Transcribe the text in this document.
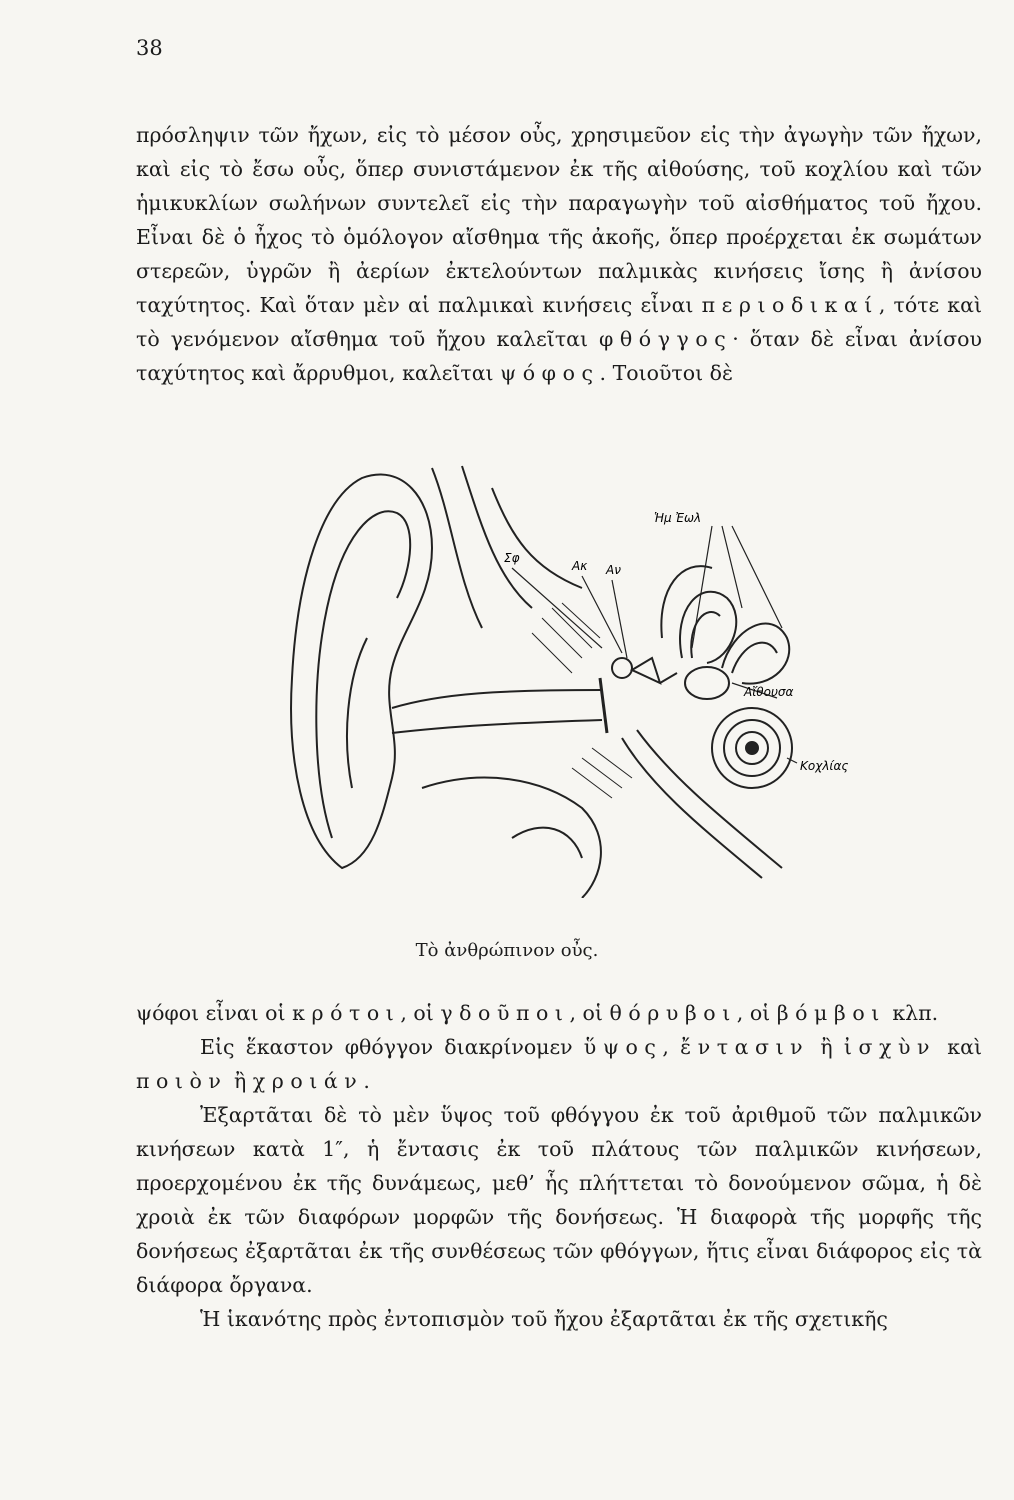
38

πρόσληψιν τῶν ἤχων, εἰς τὸ μέσον οὖς, χρησιμεῦον εἰς τὴν ἀγωγὴν τῶν ἤχων, καὶ εἰς τὸ ἔσω οὖς, ὅπερ συνιστάμενον ἐκ τῆς αἰθούσης, τοῦ κοχλίου καὶ τῶν ἡμικυκλίων σωλήνων συντελεῖ εἰς τὴν παραγωγὴν τοῦ αἰσθήματος τοῦ ἤχου. Εἶναι δὲ ὁ ἦχος τὸ ὁμόλογον αἴσθημα τῆς ἀκοῆς, ὅπερ προέρχεται ἐκ σωμάτων στερεῶν, ὑγρῶν ἢ ἀερίων ἐκτελούντων παλμικὰς κινήσεις ἴσης ἢ ἀνίσου ταχύτητος. Καὶ ὅταν μὲν αἱ παλμικαὶ κινήσεις εἶναι περιοδικαί, τότε καὶ τὸ γενόμενον αἴσθημα τοῦ ἤχου καλεῖται φθόγγος· ὅταν δὲ εἶναι ἀνίσου ταχύτητος καὶ ἄρρυθμοι, καλεῖται ψόφος. Τοιοῦτοι δὲ

Ἡμ Ἐωλ
Σφ
Ακ Αν
Αἴθουσα
Κοχλίας
Τὸ ἀνθρώπινον οὖς.

ψόφοι εἶναι οἱ κρότοι, οἱ γδοῦποι, οἱ θόρυβοι, οἱ βόμβοι κλπ.

Εἰς ἕκαστον φθόγγον διακρίνομεν ὕψος, ἔντασιν ἢ ἰσχὺν καὶ ποιὸν ἢ χροιάν.

Ἐξαρτᾶται δὲ τὸ μὲν ὕψος τοῦ φθόγγου ἐκ τοῦ ἀριθμοῦ τῶν παλμικῶν κινήσεων κατὰ 1″, ἡ ἔντασις ἐκ τοῦ πλάτους τῶν παλμικῶν κινήσεων, προερχομένου ἐκ τῆς δυνάμεως, μεθ’ ἧς πλήττεται τὸ δονούμενον σῶμα, ἡ δὲ χροιὰ ἐκ τῶν διαφόρων μορφῶν τῆς δονήσεως. Ἡ διαφορὰ τῆς μορφῆς τῆς δονήσεως ἐξαρτᾶται ἐκ τῆς συνθέσεως τῶν φθόγγων, ἥτις εἶναι διάφορος εἰς τὰ διάφορα ὄργανα.

Ἡ ἱκανότης πρὸς ἐντοπισμὸν τοῦ ἤχου ἐξαρτᾶται ἐκ τῆς σχετικῆς
